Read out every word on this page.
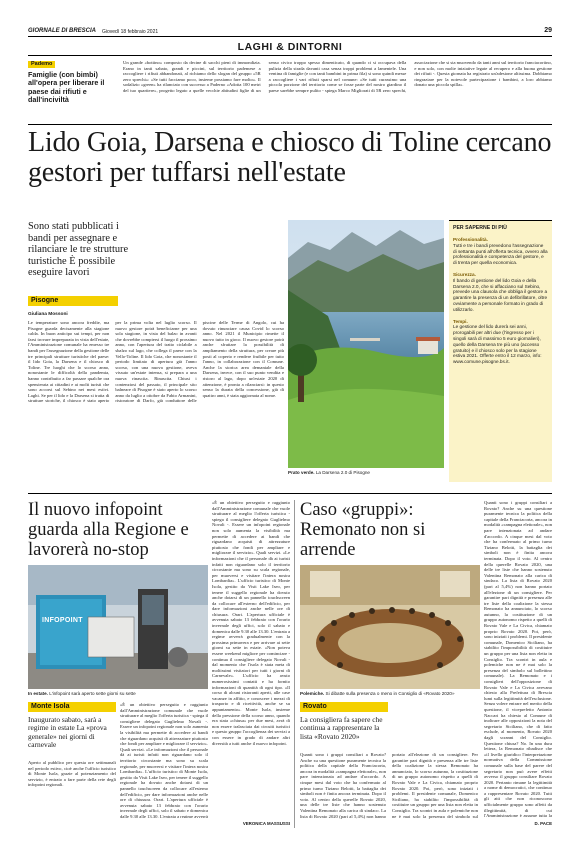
GIORNALE DI BRESCIA Giovedì 18 febbraio 2021	29
LAGHI & DINTORNI
Pademo
Famiglie (con bimbi) all'opera per liberare il paese dai rifiuti e dall'inciviltà
Un grande «bottino» composto da decine di sacchi pieni di immondizia. Erano in tanti sabato, grandi e piccini, sul territorio pademese a raccogliere i rifiuti abbandonati, al richiamo dello slogan del gruppo «5R zero sprechi»: «Se tutti facciamo poco, insieme possiamo fare molto». Il sodalizio «green» ha rilanciato con successo a Paderno «Adotta 100 metri del tuo quartiere», progetto legato a quelle vecchie abitudini figlie di un senso civico troppo spesso dimenticato, di quando ci si occupava della pulizia della strada davanti casa senza troppi problemi a lamentele. Una ventina di famiglie (e con tanti bambini in prima fila) si sono quindi messe a raccogliere i vari rifiuti sparsi nel comune: «Se tutti curassimo una piccola porzione del territorio come se fosse parte del nostro giardino il paese sarebbe sempre pulito - spiega Marco Migliorati di 5R zero sprechi, associazione che si sta muovendo da tanti anni sul territorio franciacortino, e non solo, con molte iniziative legate al recupero e alla buona gestione dei rifiuti -. Questa giornata ha registrato un'adesione altissima. Dobbiamo ringraziare per la notevole partecipazione i bambini, a loro abbiamo donato una piccola spilla».
Lido Goia, Darsena e chiosco di Toline cercano gestori per tuffarsi nell'estate
Sono stati pubblicati i bandi per assegnare e rilanciare le tre strutture turistiche È possibile eseguire lavori
Pisogne
Giuliana Mossoni
Le temperature sono ancora freddie, ma Pisogne guarda decisamente alla stagione calda. In buon anticipo sui tempi, per non farsi trovare impreparata in vista dell'estate, l'Amministrazione comunale ha emesso tre bandi per l'assegnazione della gestione delle tre principali strutture turistiche del paese: il lido Goia, la Darsena e il chiosco di Toline. Tre luoghi che lo scorso anno, nonostante le difficoltà della pandemia, hanno contribuito a far passare qualche ora spensierata ai cittadini e ai molti turisti che sono accorsi sul Sebino nei mesi estivi. Laghi. Se per il lido e la Darsena si tratta di strutture storiche, il chiosco è stato aperto per la prima volta nel luglio scorso. Il nuovo gestore potrà beneficiarne per una sola stagione, in vista del balzo in avanti che dovrebbe compiersi il luogo il prossimo anno, con l'apertura del tratto ciclabile a sbalzo sul lago, che collega il paese con la Vello-Toline. Il lido Goia, che nonostante il periodo limitato di apertura già l'anno scorso, con una nuova gestione, aveva vissuto un'estate intensa, si prepara a una nuova rinascita. Rinascita. Chiusi i contenziosi del passato, il principale sito balneare di Pisogne è stato aperto lo scorso anno da luglio a ottobre da Fabio Armanini, ristoratore di Darfo, già conduttore delle piscine delle Terme di Angolo, cui ha dovuto rinunciare causa Covid lo scorso anno. Nel 2021 il Municipio rimette il nuovo tutto in gioco. Il nuovo gestore potrà anche sfruttare la possibilità di ampliamento della struttura, per creare più posti al coperto e rendere fruibile per tutto l'anno, in collaborazione con il Comune. Anche la storica area demaniale della Darsena, invece, con il suo punto vendita e ristoro al lago, dopo un'estate 2020 di attenzione, è pronta a rilanciarsi: in questo senso la durata della concessione, già di quattro anni, è stata aggiornata al nome.
Prato verde. La Darsena 2.0 di Pisogne
PER SAPERNE DI PIÙ
Professionalità.
Tutti e tre i bandi prevedono l'assegnazione di settanta punti all'offerta tecnica, ovvero alla professionalità e competenza del gestore, e di trenta per quella economica.
Sicurezza.
Il bando di gestione del lido Goia e della Darsena 2.0, che si affacciano sul Sebino, prevede una clausola che obbliga il gestore a garantire la presenza di un defibrillatore, oltre ovviamente a personale formato in grado di utilizzarlo.
Tempi.
Le gestione del lido durerà sei anni, prorogabili per altri due (l'ingresso per i singoli sarà di massimo 5 euro giornalieri), quello della Darsena tre più uno (accesso gratuito) e il chiosco solo per la stagione estiva 2021. Offerte entro il 12 marzo, info: www.comune.pisogne.bs.it.
Il nuovo infopoint guarda alla Regione e lavorerà no-stop
INFOPOINT
In estate. L'infopoint sarà aperto sette giorni su sette
Monte Isola
Inaugurato sabato, sarà a regime in estate La «prova generale» nei giorni di carnevale
Aperto al pubblico per questa ore settimanali nel periodo estivo, cioè anche l'ufficio turistico di Monte Isola, grazie al potenziamento del servizio, è entrato a fare parte della rete degli infopoint regionali.
«È un obiettivo perseguito e raggiunto dall'Amministrazione comunale che vuole strutturare al meglio l'offerta turistica - spiega il consigliere delegato Guglielmo Novali -. Essere un infopoint regionale non solo aumenta la visibilità ma permette di accedere ai bandi che riguardano acquisti di attrezzature piuttosto che fondi per ampliare e migliorare il servizio». Quali servizi. «Le informazioni che il personale dà ai turisti infatti non riguardano solo il territorio circostante ma sono su scala regionale, per muoversi e visitare l'intera nostra Lombardia». L'ufficio turistico di Monte Isola, gestito da Visit Lake Iseo, per tenere il suggello regionale ha dovuto anche dotarsi di un pannello touchscreen da collocare all'esterno dell'edificio, per dare informazioni anche nelle ore di chiusura. Orari. L'apertura ufficiale è avvenuta sabato 13 febbraio con l'orario invernale degli uffici, solo il sabato e domenica dalle 9.30 alle 13.30. L'entrata a regime avverrà
«È un obiettivo perseguito e raggiunto dall'Amministrazione comunale che vuole strutturare al meglio l'offerta turistica - spiega il consigliere delegato Guglielmo Novali -. Essere un infopoint regionale non solo aumenta la visibilità ma permette di accedere ai bandi che riguardano acquisti di attrezzature piuttosto che fondi per ampliare e migliorare il servizio». Quali servizi. «Le informazioni che il personale dà ai turisti infatti non riguardano solo il territorio circostante ma sono su scala regionale, per muoversi e visitare l'intera nostra Lombardia». L'ufficio turistico di Monte Isola, gestito da Visit Lake Iseo, per tenere il suggello regionale ha dovuto anche dotarsi di un pannello touchscreen da collocare all'esterno dell'edificio, per dare informazioni anche nelle ore di chiusura. Orari. L'apertura ufficiale è avvenuta sabato 13 febbraio con l'orario invernale degli uffici, solo il sabato e domenica dalle 9.30 alle 13.30. L'entrata a regime avverrà gradualmente con la prossima primavera e per arrivare ai sette giorni su sette in estate. «Non poteva essere weekend migliore per cominciare - continua il consigliere delegato Novali - dal momento che l'isola è stata meta di moltissimi visitatori per tutti i giorni di Carnevale». L'ufficio ha avuto numerosissimi contatti e ha fornito informazioni di quantità di ogni tipo. «Il corso di alcuni ristoranti aperti, alle case vacanze in affitto, e conoscere i mezzi di trasporto e di ricettività, anche se su appuntamento». Monte Isola, insieme della pressione della scorso anno, quando era stata «chiusa» per due mesi, avrà di non essere tralasciata dai circuiti turistici e questo gruppo l'accoglienza dei servizi a con essere in grado di andare altri diversità a tutti anche il nuovo infopoint.
VERONICA MASSUSSI
Caso «gruppi»: Remonato non si arrende
Polemiche. Si dibatte sulla presenza o meno in Consiglio di «Rovato 2020»
Rovato
La consigliera fa sapere che continua a rappresentare la lista «Rovato 2020»
Quanti sono i gruppi consiliari a Rovato? Anche su una questione puramente tecnica la politica della capitale della Franciacorta, ancora in modalità «campagna elettorale», non pare intenzionata ad andare d'accordo. A cinque mesi dal voto che ha confermato al primo turno Tiziano Belotti, la battaglia dei simboli non è finita ancora terminata. Dopo il voto. Al centro della querelle Rovato 2020, una delle tre liste che hanno sostenuto Valentina Remonato alla carica di sindaco. La lista di Rovato 2020 (pari al 5,4%) non hanno portato all'elezione di un consigliere. Per garantire pari dignità e presenza alle tre liste della coalizione la stessa Remonato ha annunciato, lo scorso autunno, la costituzione di un gruppo autonomo rispetto a quelli di Rovato Vale e La Civica, chiamato proprio Rovato 2020. Poi, però, sono iniziati i problemi. Il presidente comunale, Domenico Siciliano, ha stabilito l'impossibilità di costituire un gruppo per una lista non eletta in Consiglio. Tra scontri in aula e polemiche non ne è mai solo la presenza del simbolo sul
Quanti sono i gruppi consiliari a Rovato? Anche su una questione puramente tecnica la politica della capitale della Franciacorta, ancora in modalità «campagna elettorale», non pare intenzionata ad andare d'accordo. A cinque mesi dal voto che ha confermato al primo turno Tiziano Belotti, la battaglia dei simboli non è finita ancora terminata. Dopo il voto. Al centro della querelle Rovato 2020, una delle tre liste che hanno sostenuto Valentina Remonato alla carica di sindaco. La lista di Rovato 2020 (pari al 5,4%) non hanno portato all'elezione di un consigliere. Per garantire pari dignità e presenza alle tre liste della coalizione la stessa Remonato ha annunciato, lo scorso autunno, la costituzione di un gruppo autonomo rispetto a quelli di Rovato Vale e La Civica, chiamato proprio Rovato 2020. Poi, però, sono iniziati i problemi. Il presidente comunale, Domenico Siciliano, ha stabilito l'impossibilità di costituire un gruppo per una lista non eletta in Consiglio. Tra scontri in aula e polemiche non ne è mai solo la presenza del simbolo sul bollettino comunale). La Remonato e i consiglieri dell'opposizione di Rovato Vale e La Civica avevano chiesto alla Prefettura di Brescia lumi sulla legittimità dell'esclusione. Senza volere entrare nel merito della questione, il viceprefetto Antonio Naccari ha chiesto al Comune di inoltrare alle opposizioni la nota del segretario Siciliano, che di fatto esclude, al momento, Rovato 2020 dagli scranni del Consiglio. Questione chiusa? No. In una dura lettera, la Remonato ribadisce che «il livello giuridico l'interpretazione normativa della Commissione comunale sulla base del parere del segretario non può avere effetti avverso il gruppo consiliare Rovato 2020. Pertanto rimane la legittimità a nome di democratici, che continuo a rappresentare Rovato 2020. Tutti gli atti che non riconoscono ufficialmente gruppo sono affetti da illegittimità, di cui l'Amministrazione è assume tutta la
D. PACE
